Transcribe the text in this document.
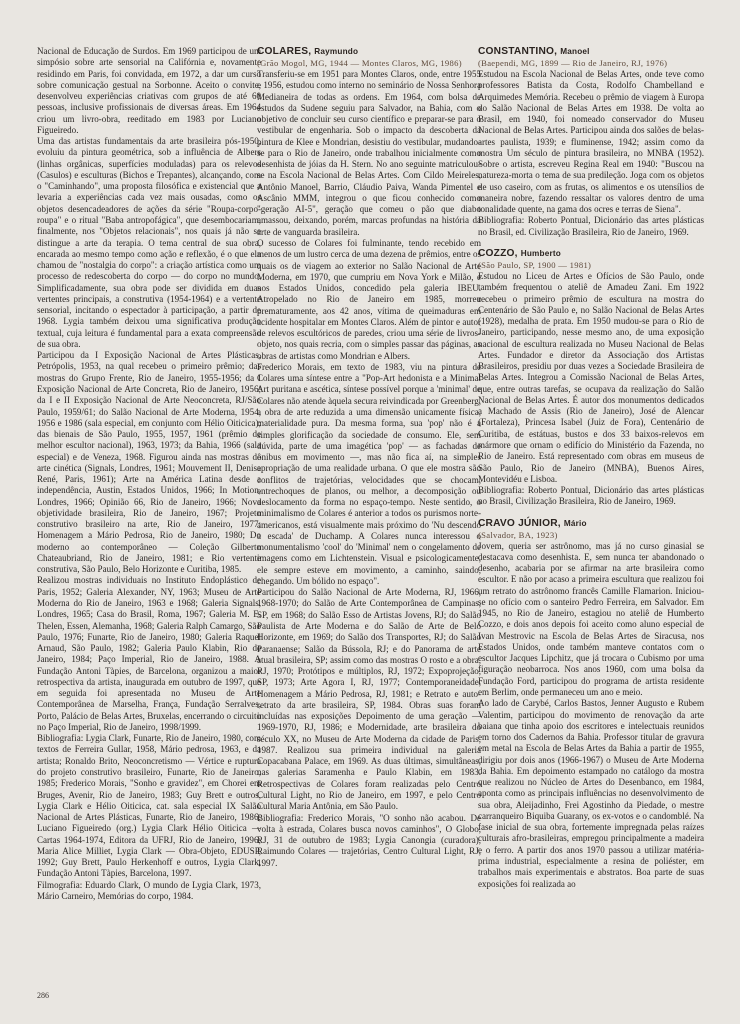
Nacional de Educação de Surdos. Em 1969 participou de um simpósio sobre arte sensorial na Califórnia e, novamente residindo em Paris, foi convidada, em 1972, a dar um curso sobre comunicação gestual na Sorbonne. Aceito o convite, desenvolveu experiências criativas com grupos de até 60 pessoas, inclusive profissionais de diversas áreas. Em 1964 criou um livro-obra, reeditado em 1983 por Luciano Figueiredo.

Uma das artistas fundamentais da arte brasileira pós-1950, evoluiu da pintura geométrica, sob a influência de Albers (linhas orgânicas, superfícies moduladas) para os relevos (Casulos) e esculturas (Bichos e Trepantes), alcançando, com o "Caminhando", uma proposta filosófica e existencial que a levaria a experiências cada vez mais ousadas, como os objetos desencadeadores de ações da série "Roupa-corpo-roupa" e o ritual "Baba antropofágica", que desembocariam, finalmente, nos "Objetos relacionais", nos quais já não se distingue a arte da terapia. O tema central de sua obra, encarada ao mesmo tempo como ação e reflexão, é o que ela chamou de "nostalgia do corpo": a criação artística como um processo de redescoberta do corpo — do corpo no mundo. Simplificadamente, sua obra pode ser dividida em duas vertentes principais, a construtiva (1954-1964) e a vertente sensorial, incitando o espectador à participação, a partir de 1968. Lygia também deixou uma significativa produção textual, cuja leitura é fundamental para a exata compreensão de sua obra.

Participou da I Exposição Nacional de Artes Plásticas, Petrópolis, 1953, na qual recebeu o primeiro prêmio; das mostras do Grupo Frente, Rio de Janeiro, 1955-1956; da I Exposição Nacional de Arte Concreta, Rio de Janeiro, 1956; da I e II Exposição Nacional de Arte Neoconcreta, RJ/São Paulo, 1959/61; do Salão Nacional de Arte Moderna, 1954, 1956 e 1986 (sala especial, em conjunto com Hélio Oiticica); das bienais de São Paulo, 1955, 1957, 1961 (prêmio de melhor escultor nacional), 1963, 1973; da Bahia, 1966 (sala especial) e de Veneza, 1968. Figurou ainda nas mostras de arte cinética (Signals, Londres, 1961; Mouvement II, Denise René, Paris, 1961); Arte na América Latina desde a independência, Austin, Estados Unidos, 1966; In Motion, Londres, 1966; Opinião 66, Rio de Janeiro, 1966; Nova objetividade brasileira, Rio de Janeiro, 1967; Projeto construtivo brasileiro na arte, Rio de Janeiro, 1977; Homenagem a Mário Pedrosa, Rio de Janeiro, 1980; Do moderno ao contemporâneo — Coleção Gilberto Chateaubriand, Rio de Janeiro, 1981; e Rio vertente construtiva, São Paulo, Belo Horizonte e Curitiba, 1985.

Realizou mostras individuais no Instituto Endoplástico de Paris, 1952; Galeria Alexander, NY, 1963; Museu de Arte Moderna do Rio de Janeiro, 1963 e 1968; Galeria Signals, Londres, 1965; Casa do Brasil, Roma, 1967; Galeria M. E. Thelen, Essen, Alemanha, 1968; Galeria Ralph Camargo, São Paulo, 1976; Funarte, Rio de Janeiro, 1980; Galeria Raquel Arnaud, São Paulo, 1982; Galeria Paulo Klabin, Rio de Janeiro, 1984; Paço Imperial, Rio de Janeiro, 1988. A Fundação Antoni Tàpies, de Barcelona, organizou a maior retrospectiva da artista, inaugurada em outubro de 1997, que em seguida foi apresentada no Museu de Arte Contemporânea de Marselha, França, Fundação Serralves, Porto, Palácio de Belas Artes, Bruxelas, encerrando o circuito no Paço Imperial, Rio de Janeiro, 1998/1999.

Bibliografia: Lygia Clark, Funarte, Rio de Janeiro, 1980, com textos de Ferreira Gullar, 1958, Mário pedrosa, 1963, e da artista; Ronaldo Brito, Neoconcretismo — Vértice e ruptura do projeto construtivo brasileiro, Funarte, Rio de Janeiro, 1985; Frederico Morais, "Sonho e gravidez", em Chorei em Bruges, Avenir, Rio de Janeiro, 1983; Guy Brett e outros, Lygia Clark e Hélio Oiticica, cat. sala especial IX Salão Nacional de Artes Plásticas, Funarte, Rio de Janeiro, 1986; Luciano Figueiredo (org.) Lygia Clark Hélio Oiticica — Cartas 1964-1974, Editora da UFRJ, Rio de Janeiro, 1996; Maria Alice Milliet, Lygia Clark — Obra-Objeto, EDUSP, 1992; Guy Brett, Paulo Herkenhoff e outros, Lygia Clark, Fundação Antoni Tàpies, Barcelona, 1997.

Filmografia: Eduardo Clark, O mundo de Lygia Clark, 1973, Mário Carneiro, Memórias do corpo, 1984.

COLARES, Raymundo
(Grão Mogol, MG, 1944 — Montes Claros, MG, 1986)

Transferiu-se em 1951 para Montes Claros, onde, entre 1955 e 1956, estudou como interno no seminário de Nossa Senhora Medianeira de todas as ordens. Em 1964, com bolsa de estudos da Sudene seguiu para Salvador, na Bahia, com o objetivo de concluir seu curso científico e preparar-se para o vestibular de engenharia. Sob o impacto da descoberta da pintura de Klee e Mondrian, desistiu do vestibular, mudando-se para o Rio de Janeiro, onde trabalhou inicialmente como desenhista de jóias da H. Stern. No ano seguinte matriculou-se na Escola Nacional de Belas Artes. Com Cildo Meireles, Antônio Manoel, Barrio, Cláudio Paiva, Wanda Pimentel e Ascânio MMM, integrou o que ficou conhecido como "geração AI-5", geração que comeu o pão que diabo amassou, deixando, porém, marcas profundas na história da arte de vanguarda brasileira.

O sucesso de Colares foi fulminante, tendo recebido em menos de um lustro cerca de uma dezena de prêmios, entre os quais os de viagem ao exterior no Salão Nacional de Arte Moderna, em 1970, que cumpriu em Nova York e Milão, e nos Estados Unidos, concedido pela galeria IBEU. Atropelado no Rio de Janeiro em 1985, morreu prematuramente, aos 42 anos, vítima de queimaduras em acidente hospitalar em Montes Claros. Além de pintor e autor de relevos escultóricos de paredes, criou uma série de livros-objeto, nos quais recria, com o simples passar das páginas, as obras de artistas como Mondrian e Albers.

Frederico Morais, em texto de 1983, viu na pintura de Colares uma síntese entre a "Pop-Art hedonista e a Minimal Art puritana e ascética, síntese possível porque a 'minimal' de Colares não atende àquela secura reivindicada por Greenberg, a obra de arte reduzida a uma dimensão unicamente física, materialidade pura. Da mesma forma, sua 'pop' não é a simples glorificação da sociedade de consumo. Ele, sem dúvida, parte de uma imagética 'pop' — as fachadas de ônibus em movimento —, mas não fica aí, na simples apropriação de uma realidade urbana. O que ele mostra são conflitos de trajetórias, velocidades que se chocam, entrechoques de planos, ou melhor, a decomposição ou deslocamento da forma no espaço-tempo. Neste sentido, o minimalismo de Colares é anterior a todos os purismos norte-americanos, está visualmente mais próximo do 'Nu descendo a escada' de Duchamp. A Colares nunca interessou o monumentalismo 'cool' do 'Minimal' nem o congelamento de imagens como em Lichtenstein. Visual e psicologicamente, ele sempre esteve em movimento, a caminho, saindo, chegando. Um bólido no espaço".

Participou do Salão Nacional de Arte Moderna, RJ, 1966, 1968-1970; do Salão de Arte Contemporânea de Campinas, SP, em 1968; do Salão Esso de Artistas Jovens, RJ; do Salão Paulista de Arte Moderna e do Salão de Arte de Belo Horizonte, em 1969; do Salão dos Transportes, RJ; do Salão Paranaense; Salão da Bússola, RJ; e do Panorama de arte atual brasileira, SP; assim como das mostras O rosto e a obra, RJ, 1970; Protótipos e múltiplos, RJ, 1972; Expoprojeção, SP, 1973; Arte Agora I, RJ, 1977; Contemporaneidade, Homenagem a Mário Pedrosa, RJ, 1981; e Retrato e auto-retrato da arte brasileira, SP, 1984. Obras suas foram incluídas nas exposições Depoimento de uma geração — 1969-1970, RJ, 1986; e Modernidade, arte brasileira do século XX, no Museu de Arte Moderna da cidade de Paris, 1987. Realizou sua primeira individual na galeria Copacabana Palace, em 1969. As duas últimas, simultâneas, nas galerias Saramenha e Paulo Klabin, em 1983. Retrospectivas de Colares foram realizadas pelo Centro Cultural Light, no Rio de Janeiro, em 1997, e pelo Centro Cultural Maria Antônia, em São Paulo.

Bibliografia: Frederico Morais, "O sonho não acabou. De volta à estrada, Colares busca novos caminhos", O Globo, RJ, 31 de outubro de 1983; Lygia Canongia (curadora), Raimundo Colares — trajetórias, Centro Cultural Light, RJ, 1997.

CONSTANTINO, Manoel
(Baependi, MG, 1899 — Rio de Janeiro, RJ, 1976)

Estudou na Escola Nacional de Belas Artes, onde teve como professores Batista da Costa, Rodolfo Chambelland e Arquimedes Memória. Recebeu o prêmio de viagem à Europa do Salão Nacional de Belas Artes em 1938. De volta ao Brasil, em 1940, foi nomeado conservador do Museu Nacional de Belas Artes. Participou ainda dos salões de belas-artes paulista, 1939; e fluminense, 1942; assim como da mostra Um século de pintura brasileira, no MNBA (1952). Sobre o artista, escreveu Regina Real em 1940: "Buscou na natureza-morta o tema de sua predileção. Joga com os objetos de uso caseiro, com as frutas, os alimentos e os utensílios de maneira nobre, fazendo ressaltar os valores dentro de uma tonalidade quente, na gama dos ocres e terras de Siena".

Bibliografia: Roberto Pontual, Dicionário das artes plásticas no Brasil, ed. Civilização Brasileira, Rio de Janeiro, 1969.

COZZO, Humberto
(São Paulo, SP, 1900 — 1981)

Estudou no Liceu de Artes e Ofícios de São Paulo, onde também frequentou o ateliê de Amadeu Zani. Em 1922 recebeu o primeiro prêmio de escultura na mostra do Centenário de São Paulo e, no Salão Nacional de Belas Artes (1928), medalha de prata. Em 1950 mudou-se para o Rio de Janeiro, participando, nesse mesmo ano, de uma exposição nacional de escultura realizada no Museu Nacional de Belas Artes. Fundador e diretor da Associação dos Artistas Brasileiros, presidiu por duas vezes a Sociedade Brasileira de Belas Artes. Integrou a Comissão Nacional de Belas Artes, que, entre outras tarefas, se ocupava da realização do Salão Nacional de Belas Artes. É autor dos monumentos dedicados a Machado de Assis (Rio de Janeiro), José de Alencar (Fortaleza), Princesa Isabel (Juiz de Fora), Centenário de Curitiba, de estátuas, bustos e dos 33 baixos-relevos em mármore que ornam o edifício do Ministério da Fazenda, no Rio de Janeiro. Está representado com obras em museus de São Paulo, Rio de Janeiro (MNBA), Buenos Aires, Montevidéu e Lisboa.

Bibliografia: Roberto Pontual, Dicionário das artes plásticas no Brasil, Civilização Brasileira, Rio de Janeiro, 1969.

CRAVO JÚNIOR, Mário
(Salvador, BA, 1923)

Jovem, queria ser astrônomo, mas já no curso ginasial se destacava como desenhista. E, sem nunca ter abandonado o desenho, acabaria por se afirmar na arte brasileira como escultor. E não por acaso a primeira escultura que realizou foi um retrato do astrônomo francês Camille Flamarion. Iniciou-se no ofício com o santeiro Pedro Ferreira, em Salvador. Em 1945, no Rio de Janeiro, estagiou no ateliê de Humberto Cozzo, e dois anos depois foi aceito como aluno especial de Ivan Mestrovic na Escola de Belas Artes de Siracusa, nos Estados Unidos, onde também manteve contatos com o escultor Jacques Lipchitz, que já trocara o Cubismo por uma figuração neobarroca. Nos anos 1960, com uma bolsa da Fundação Ford, participou do programa de artista residente em Berlim, onde permaneceu um ano e meio.

Ao lado de Carybé, Carlos Bastos, Jenner Augusto e Rubem Valentim, participou do movimento de renovação da arte baiana que tinha apoio dos escritores e intelectuais reunidos em torno dos Cadernos da Bahia. Professor titular de gravura em metal na Escola de Belas Artes da Bahia a partir de 1955, dirigiu por dois anos (1966-1967) o Museu de Arte Moderna da Bahia. Em depoimento estampado no catálogo da mostra que realizou no Núcleo de Artes do Desenbanco, em 1984, aponta como as principais influências no desenvolvimento de sua obra, Aleijadinho, Frei Agostinho da Piedade, o mestre carranqueiro Biquiba Guarany, os ex-votos e o candomblé. Na fase inicial de sua obra, fortemente impregnada pelas raízes culturais afro-brasileiras, empregou principalmente a madeira e o ferro. A partir dos anos 1970 passou a utilizar matéria-prima industrial, especialmente a resina de poliéster, em trabalhos mais experimentais e abstratos. Boa parte de suas exposições foi realizada ao

286
